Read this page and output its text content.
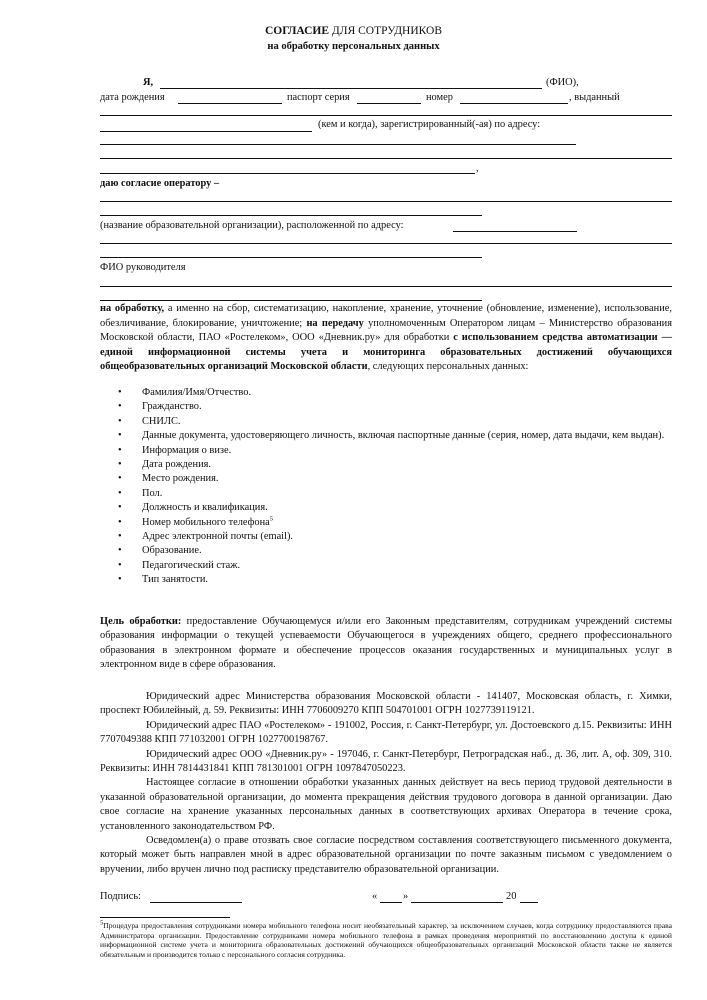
СОГЛАСИЕ ДЛЯ СОТРУДНИКОВ
на обработку персональных данных
Я,	(ФИО),
дата рождения	паспорт серия	номер	, выданный
(кем и когда), зарегистрированный(-ая) по адресу:
,
даю согласие оператору –
(название образовательной организации), расположенной по адресу:
ФИО руководителя

на обработку, а именно на сбор, систематизацию, накопление, хранение, уточнение (обновление, изменение), использование, обезличивание, блокирование, уничтожение; на передачу уполномоченным Оператором лицам – Министерство образования Московской области, ПАО «Ростелеком», ООО «Дневник.ру» для обработки с использованием средства автоматизации — единой информационной системы учета и мониторинга образовательных достижений обучающихся общеобразовательных организаций Московской области, следующих персональных данных:

• Фамилия/Имя/Отчество.
• Гражданство.
• СНИЛС.
• Данные документа, удостоверяющего личность, включая паспортные данные (серия, номер, дата выдачи, кем выдан).
• Информация о визе.
• Дата рождения.
• Место рождения.
• Пол.
• Должность и квалификация.
• Номер мобильного телефона$^5$
• Адрес электронной почты (email).
• Образование.
• Педагогический стаж.
• Тип занятости.

Цель обработки: предоставление Обучающемуся и/или его Законным представителям, сотрудникам учреждений системы образования информации о текущей успеваемости Обучающегося в учреждениях общего, среднего профессионального образования в электронном формате и обеспечение процессов оказания государственных и муниципальных услуг в электронном виде в сфере образования.

Юридический адрес Министерства образования Московской области - 141407, Московская область, г. Химки, проспект Юбилейный, д. 59. Реквизиты: ИНН 7706009270 КПП 504701001 ОГРН 1027739119121.

Юридический адрес ПАО «Ростелеком» - 191002, Россия, г. Санкт-Петербург, ул. Достоевского д.15. Реквизиты: ИНН 7707049388 КПП 771032001 ОГРН 1027700198767.

Юридический адрес ООО «Дневник.ру» - 197046, г. Санкт-Петербург, Петроградская наб., д. 36, лит. А, оф. 309, 310. Реквизиты: ИНН 7814431841 КПП 781301001 ОГРН 1097847050223.

Настоящее согласие в отношении обработки указанных данных действует на весь период трудовой деятельности в указанной образовательной организации, до момента прекращения действия трудового договора в данной организации. Даю свое согласие на хранение указанных персональных данных в соответствующих архивах Оператора в течение срока, установленного законодательством РФ.

Осведомлен(а) о праве отозвать свое согласие посредством составления соответствующего письменного документа, который может быть направлен мной в адрес образовательной организации по почте заказным письмом с уведомлением о вручении, либо вручен лично под расписку представителю образовательной организации.

Подпись:	« »	20
$^5$Процедура предоставления сотрудниками номера мобильного телефона носит необязательный характер, за исключением случаев, когда сотруднику предоставляются права Администратора организации. Предоставление сотрудниками номера мобильного телефона в рамках проведения мероприятий по восстановлению доступа к единой информационной системе учета и мониторинга образовательных достижений обучающихся общеобразовательных организаций Московской области также не является обязательным и производится только с персонального согласия сотрудника.
